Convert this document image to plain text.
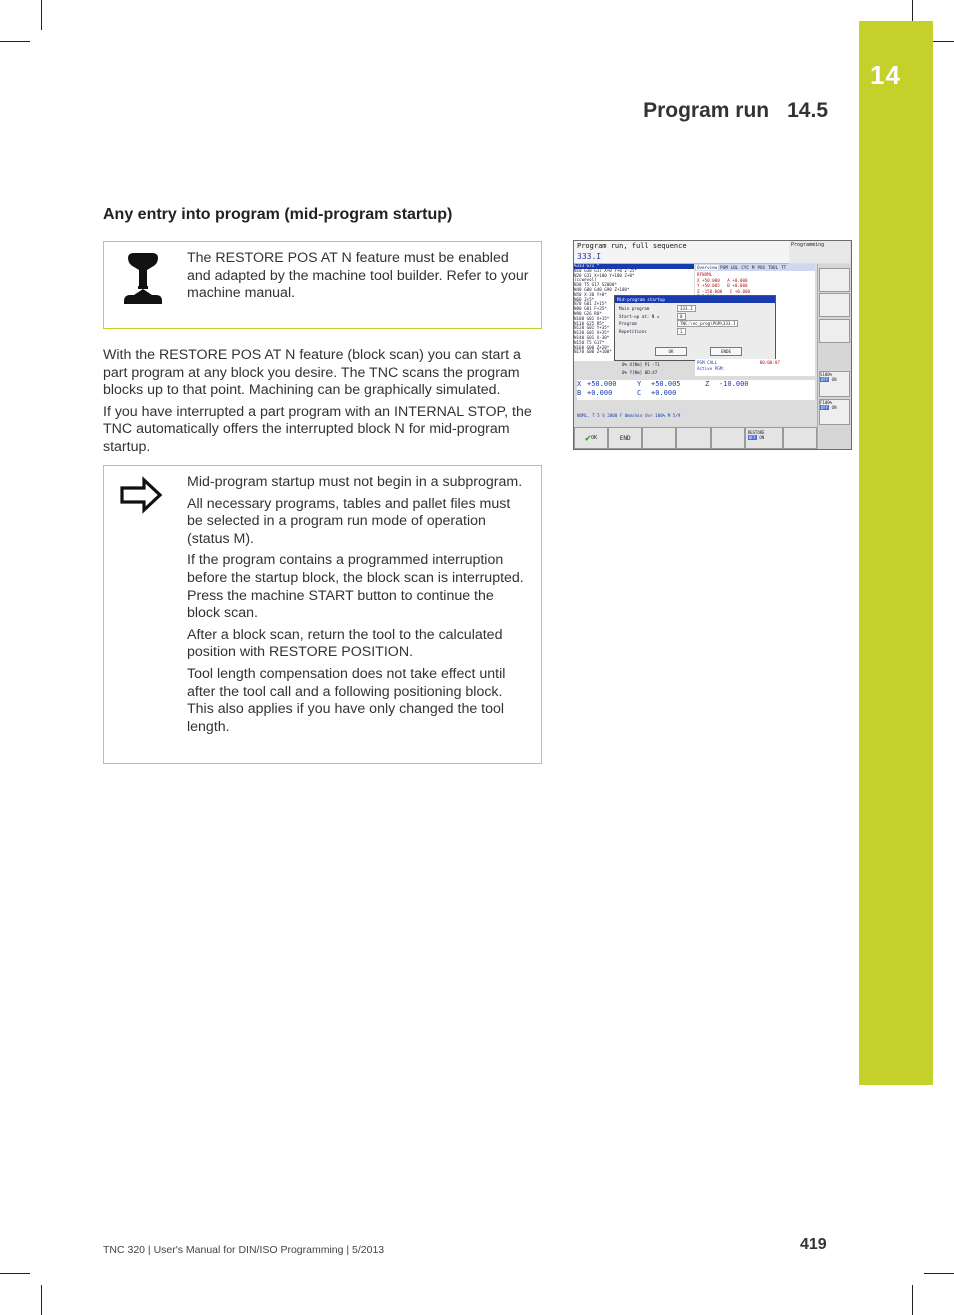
14
Program run 14.5
Any entry into program (mid-program startup)

The RESTORE POS AT N feature must be enabled and adapted by the machine tool builder. Refer to your machine manual.

With the RESTORE POS AT N feature (block scan) you can start a part program at any block you desire. The TNC scans the program blocks up to that point. Machining can be graphically simulated.

If you have interrupted a part program with an INTERNAL STOP, the TNC automatically offers the interrupted block N for mid-program startup.

Mid-program startup must not begin in a subprogram.

All necessary programs, tables and pallet files must be selected in a program run mode of operation (status M).

If the program contains a programmed interruption before the startup block, the block scan is interrupted. Press the machine START button to continue the block scan.

After a block scan, return the tool to the calculated position with RESTORE POSITION.

Tool length compensation does not take effect until after the tool call and a following positioning block. This also applies if you have only changed the tool length.

Program run, full sequence
333.I
Programming
%333 G71 *
N10 G30 G17 X+0 Y+0 Z-25*
N20 G31 X+100 Y+100 Z+0*
(ccwevol)
N30 T5 G17 S2000*
N40 G00 G40 G90 Z+100*
N50 X-30 Y+0*
N60 Z+5*
N70 G01 Z+15*
N80 G01 F+35*
N90 G26 R8*
N100 G01 X+15*
N110 G25 R5*
N120 G01 Y+35*
N130 G01 X+35*
N140 G01 X-30*
N150 T5 G17*
N160 G00 Z+20*
N170 G00 Z+100*
Overview PGM LBL CYC M POS TOOL TT
RFNOML
X +50.000 A +0.000
Y +50.005 B +0.000
Z -150.000 C +0.000
Mid-program startup
Main program	333.I
Start-up at: N =	0
Program	TNC:\nc_prog\PGM\333.I
Repetitions	1
OK	ENDE
S100%
OFF ON
F100%
OFF ON
PGM CALL	00:00:07
Active PGM:
0% X[Nm] P1 -T1
0% Y[Nm] 0D:47
X +50.000	Y +50.005	Z -10.000
B +0.000	C +0.000
NOML. T 5 S 2000 F 0mm/min Ovr 100% M 5/9
✔ OK	END
RESTORE
OFF ON
TNC 320 | User's Manual for DIN/ISO Programming | 5/2013	419
